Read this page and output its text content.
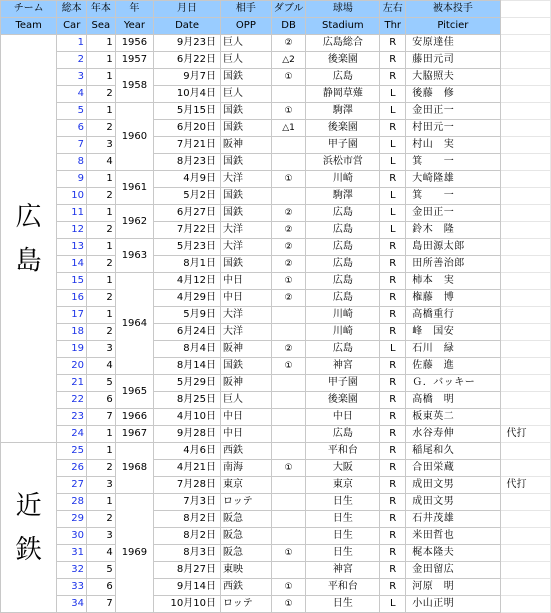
チーム	総本	年本	年	月日	相手	ダブル	球場	左右	被本投手	
Team	Car	Sea	Year	Date	OPP	DB	Stadium	Thr	Pitcier	
広島	1	1	1956	9月23日	巨人	②	広島総合	R	安原達佳	
	2	1	1957	6月22日	巨人	△2	後楽園	R	藤田元司	
	3	1	1958	9月7日	国鉄	①	広島	R	大脇照夫	
	4	2		10月4日	巨人		静岡草薙	L	後藤　修	
	5	1	1960	5月15日	国鉄	①	駒澤	L	金田正一	
	6	2		6月20日	国鉄	△1	後楽園	R	村田元一	
	7	3		7月21日	阪神		甲子園	L	村山　実	
	8	4		8月23日	国鉄		浜松市営	L	箕　　一	
	9	1	1961	4月9日	大洋	①	川崎	R	大崎隆雄	
	10	2		5月2日	国鉄		駒澤	L	箕　　一	
	11	1	1962	6月27日	国鉄	②	広島	L	金田正一	
	12	2		7月22日	大洋	②	広島	L	鈴木　隆	
	13	1	1963	5月23日	大洋	②	広島	R	島田源太郎	
	14	2		8月1日	国鉄	②	広島	R	田所善治郎	
	15	1	1964	4月12日	中日	①	広島	R	柿本　実	
	16	2		4月29日	中日	②	広島	R	権藤　博	
	17	1		5月9日	大洋		川崎	R	高橋重行	
	18	2		6月24日	大洋		川崎	R	峰　国安	
	19	3		8月4日	阪神	②	広島	L	石川　緑	
	20	4		8月14日	国鉄	①	神宮	R	佐藤　進	
	21	5	1965	5月29日	阪神		甲子園	R	Ｇ．バッキー	
	22	6		8月25日	巨人		後楽園	R	高橋　明	
	23	7	1966	4月10日	中日		中日	R	板東英二	
	24	1	1967	9月28日	中日		広島	R	水谷寿伸	代打
近鉄	25	1	1968	4月6日	西鉄		平和台	R	稲尾和久	
	26	2		4月21日	南海	①	大阪	R	合田栄蔵	
	27	3		7月28日	東京		東京	R	成田文男	代打
	28	1	1969	7月3日	ロッテ		日生	R	成田文男	
	29	2		8月2日	阪急		日生	R	石井茂雄	
	30	3		8月2日	阪急		日生	R	米田哲也	
	31	4		8月3日	阪急	①	日生	R	梶本隆夫	
	32	5		8月27日	東映		神宮	R	金田留広	
	33	6		9月14日	西鉄	①	平和台	R	河原　明	
	34	7		10月10日	ロッテ	①	日生	L	小山正明	
